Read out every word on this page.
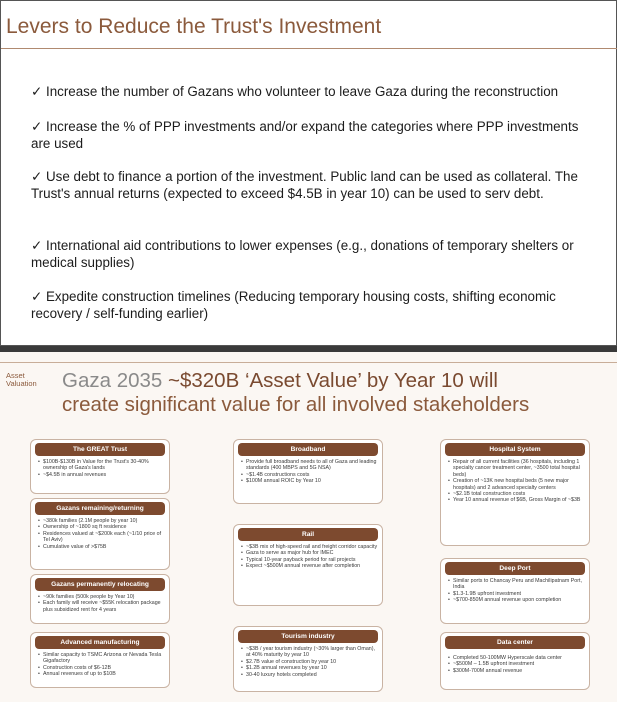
Levers to Reduce the Trust's Investment
✓ Increase the number of Gazans who volunteer to leave Gaza during the reconstruction
✓ Increase the % of PPP investments and/or expand the categories where PPP investments are used
✓ Use debt to finance a portion of the investment. Public land can be used as collateral. The Trust's annual returns (expected to exceed $4.5B in year 10) can be used to serv debt.
✓ International aid contributions to lower expenses (e.g., donations of temporary shelters or medical supplies)
✓ Expedite construction timelines (Reducing temporary housing costs, shifting economic recovery / self-funding earlier)
Asset Valuation	Gaza 2035 ~$320B ‘Asset Value’ by Year 10 will
create significant value for all involved stakeholders
The GREAT Trust
• $100B-$130B in Value for the Trust's 30-40% ownership of Gaza's lands
• ~$4.5B in annual revenues
Gazans remaining/returning
• ~380k families (2.1M people by year 10)
• Ownership of ~1800 sq ft residence
• Residences valued at ~$200k each (~1/10 price of Tel Aviv)
• Cumulative value of >$75B
Gazans permanently relocating
• ~90k families (500k people by Year 10)
• Each family will receive ~$55K relocation package plus subsidized rent for 4 years
Advanced manufacturing
• Similar capacity to TSMC Arizona or Nevada Tesla Gigafactory
• Construction costs of $6-12B
• Annual revenues of up to $10B
Broadband
• Provide full broadband needs to all of Gaza and leading standards (400 MBPS and 5G NSA)
• ~$1.4B constructions costs
• $100M annual ROIC by Year 10
Rail
• ~$3B mix of high-speed rail and freight corridor capacity
• Gaza to serve as major hub for IMEC
• Typical 10-year payback period for rail projects
• Expect ~$500M annual revenue after completion
Tourism industry
• ~$3B / year tourism industry (~30% larger than Oman), at 40% maturity by year 10
• $2.7B value of construction by year 10
• $1.2B annual revenues by year 10
• 30-40 luxury hotels completed
Hospital System
• Repair of all current facilities (36 hospitals, including 1 specialty cancer treatment center, ~3500 total hospital beds)
• Creation of ~13K new hospital beds (5 new major hospitals) and 2 advanced specialty centers
• ~$2.1B total construction costs
• Year 10 annual revenue of $6B, Gross Margin of ~$3B
Deep Port
• Similar ports to Chancay Peru and Machilipatnam Port, India
• $1.3-1.9B upfront investment
• ~$700-850M annual revenue upon completion
Data center
• Completed 50-100MW Hyperscale data center
• ~$500M – 1.5B upfront investment
• $300M-700M annual revenue
